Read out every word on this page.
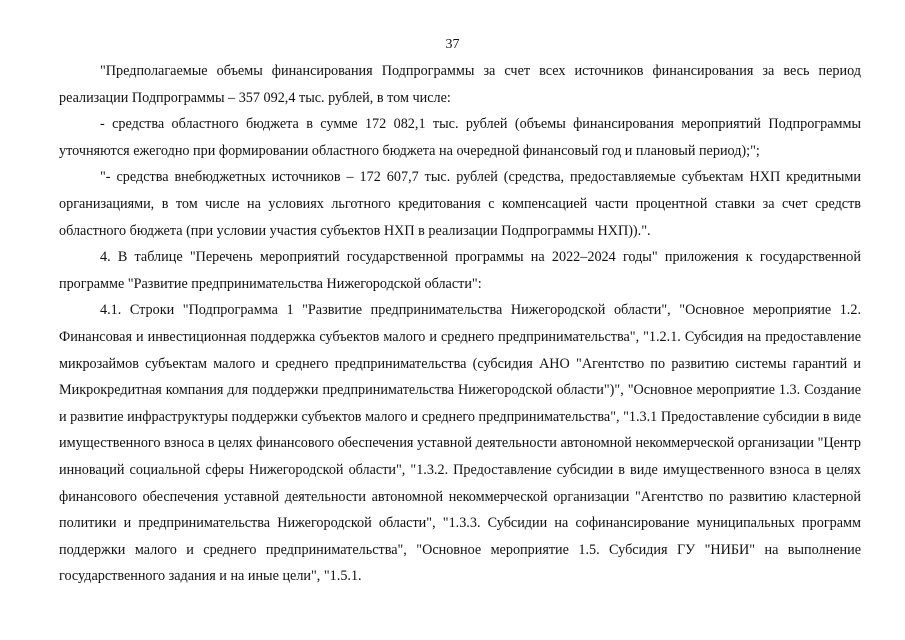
37

"Предполагаемые объемы финансирования Подпрограммы за счет всех источников финансирования за весь период реализации Подпрограммы – 357 092,4 тыс. рублей, в том числе:

- средства областного бюджета в сумме 172 082,1 тыс. рублей (объемы финансирования мероприятий Подпрограммы уточняются ежегодно при формировании областного бюджета на очередной финансовый год и плановый период);";

"- средства внебюджетных источников – 172 607,7 тыс. рублей (средства, предоставляемые субъектам НХП кредитными организациями, в том числе на условиях льготного кредитования с компенсацией части процентной ставки за счет средств областного бюджета (при условии участия субъектов НХП в реализации Подпрограммы НХП)).".

4. В таблице "Перечень мероприятий государственной программы на 2022–2024 годы" приложения к государственной программе "Развитие предпринимательства Нижегородской области":

4.1. Строки "Подпрограмма 1 "Развитие предпринимательства Нижегородской области", "Основное мероприятие 1.2. Финансовая и инвестиционная поддержка субъектов малого и среднего предпринимательства", "1.2.1. Субсидия на предоставление микрозаймов субъектам малого и среднего предпринимательства (субсидия АНО "Агентство по развитию системы гарантий и Микрокредитная компания для поддержки предпринимательства Нижегородской области")", "Основное мероприятие 1.3. Создание и развитие инфраструктуры поддержки субъектов малого и среднего предпринимательства", "1.3.1 Предоставление субсидии в виде имущественного взноса в целях финансового обеспечения уставной деятельности автономной некоммерческой организации "Центр инноваций социальной сферы Нижегородской области", "1.3.2. Предоставление субсидии в виде имущественного взноса в целях финансового обеспечения уставной деятельности автономной некоммерческой организации "Агентство по развитию кластерной политики и предпринимательства Нижегородской области", "1.3.3. Субсидии на софинансирование муниципальных программ поддержки малого и среднего предпринимательства", "Основное мероприятие 1.5. Субсидия ГУ "НИБИ" на выполнение государственного задания и на иные цели", "1.5.1.
